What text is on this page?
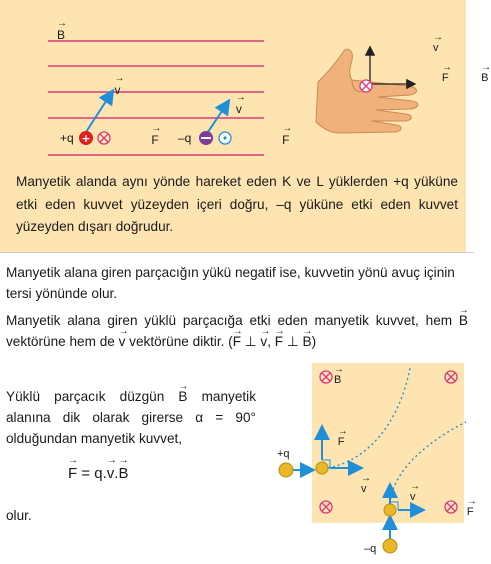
+
→ B → v → v
+q	→ F –q	→ F → v → F	→ B
Manyetik alanda aynı yönde hareket eden K ve L yüklerden +q yüküne etki eden kuvvet yüzeyden içeri doğru, –q yüküne etki eden kuvvet yüzeyden dışarı doğrudur.
Manyetik alana giren parçacığın yükü negatif ise, kuvvetin yönü avuç içinin tersi yönünde olur.
Manyetik alana giren yüklü parçacığa etki eden manyetik kuvvet, hem → B vektörüne hem de → v vektörüne diktir. (→ F ⊥ → v, → F ⊥ → B)
Yüklü parçacık düzgün → B manyetik alanına dik olarak girerse α = 90° olduğundan manyetik kuvvet,
→ F = q.→ v.→ B
olur.
→ B
+q
→ F → v → v → F
–q
